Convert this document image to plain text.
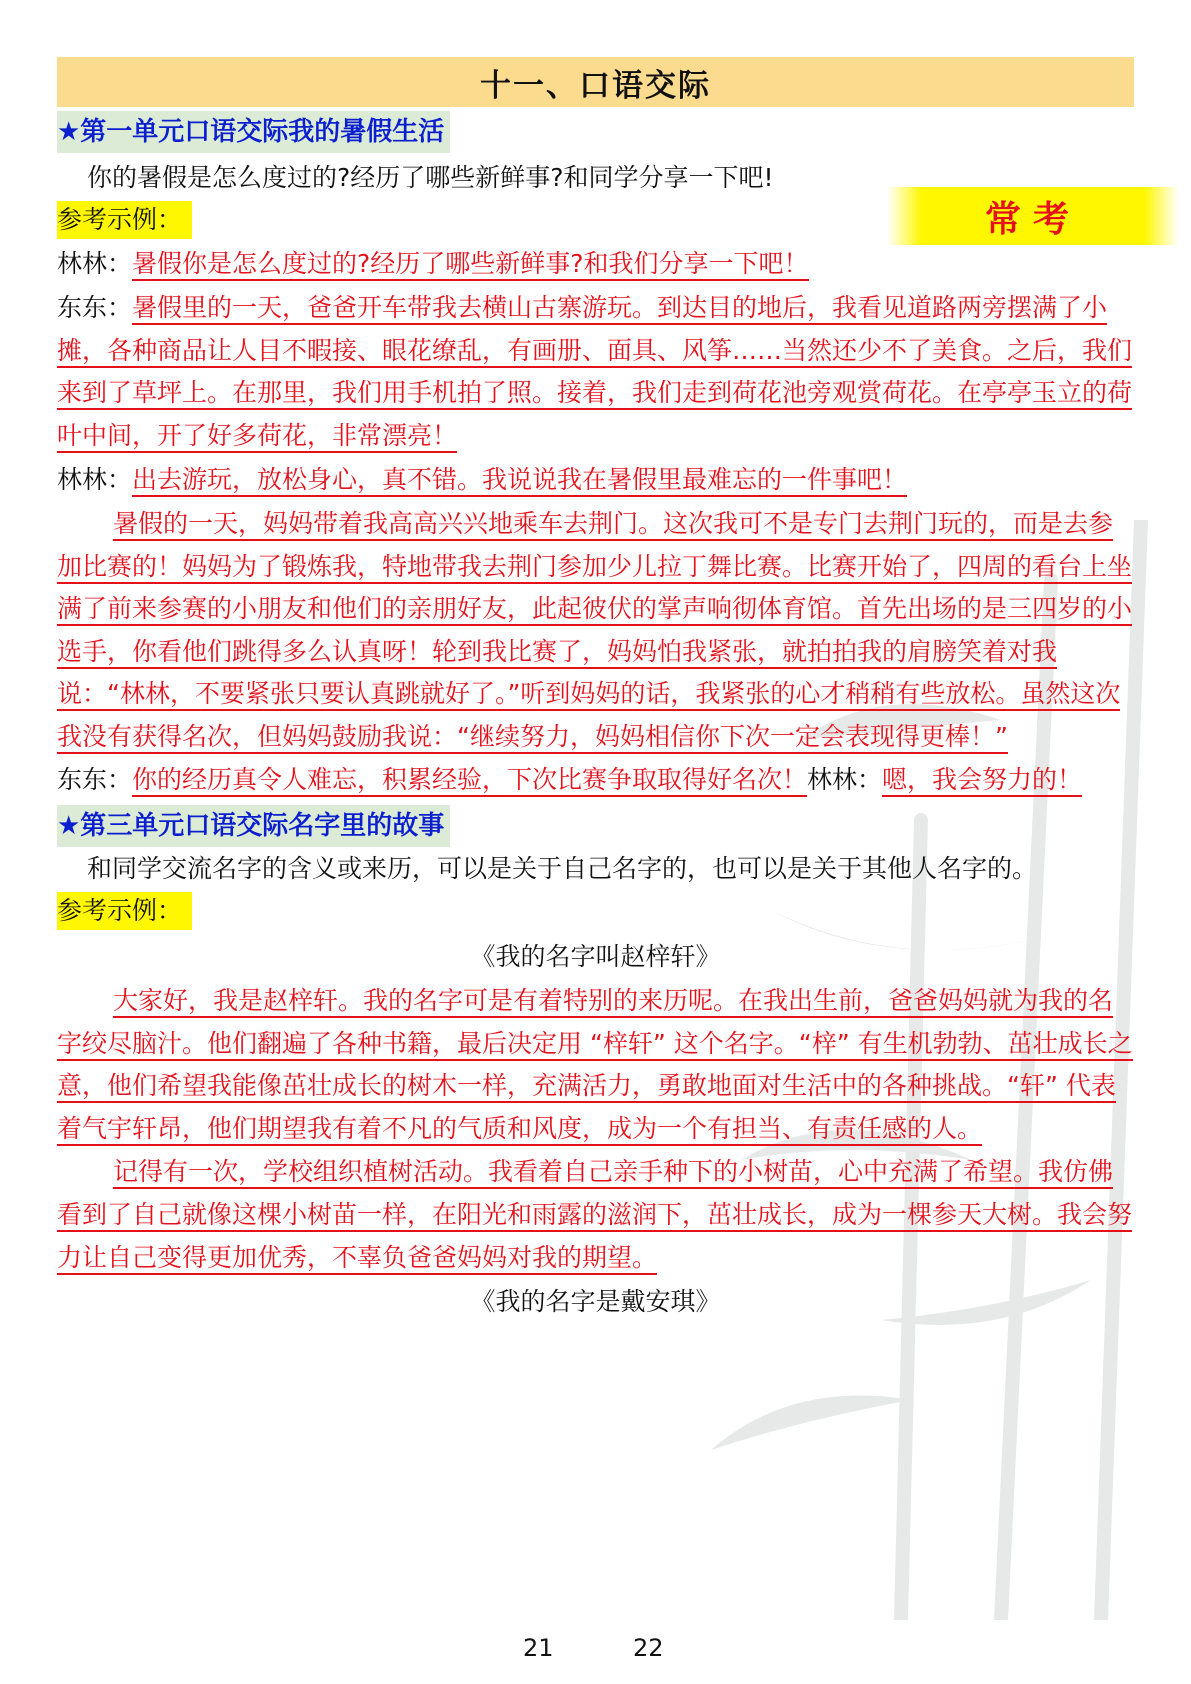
常考
十一、口语交际
★第一单元口语交际我的暑假生活

你的暑假是怎么度过的?经历了哪些新鲜事?和同学分享一下吧!

参考示例：

林林：暑假你是怎么度过的?经历了哪些新鲜事?和我们分享一下吧！

东东：暑假里的一天，爸爸开车带我去横山古寨游玩。到达目的地后，我看见道路两旁摆满了小摊，各种商品让人目不暇接、眼花缭乱，有画册、面具、风筝……当然还少不了美食。之后，我们来到了草坪上。在那里，我们用手机拍了照。接着，我们走到荷花池旁观赏荷花。在亭亭玉立的荷叶中间，开了好多荷花，非常漂亮！

林林：出去游玩，放松身心，真不错。我说说我在暑假里最难忘的一件事吧！

暑假的一天，妈妈带着我高高兴兴地乘车去荆门。这次我可不是专门去荆门玩的，而是去参加比赛的！妈妈为了锻炼我，特地带我去荆门参加少儿拉丁舞比赛。比赛开始了，四周的看台上坐满了前来参赛的小朋友和他们的亲朋好友，此起彼伏的掌声响彻体育馆。首先出场的是三四岁的小选手，你看他们跳得多么认真呀！轮到我比赛了，妈妈怕我紧张，就拍拍我的肩膀笑着对我说：“林林，不要紧张只要认真跳就好了。”听到妈妈的话，我紧张的心才稍稍有些放松。虽然这次我没有获得名次，但妈妈鼓励我说：“继续努力，妈妈相信你下次一定会表现得更棒！”

东东：你的经历真令人难忘，积累经验，下次比赛争取取得好名次！林林：嗯，我会努力的！

★第三单元口语交际名字里的故事

和同学交流名字的含义或来历，可以是关于自己名字的，也可以是关于其他人名字的。

参考示例：

《我的名字叫赵梓轩》

大家好，我是赵梓轩。我的名字可是有着特别的来历呢。在我出生前，爸爸妈妈就为我的名字绞尽脑汁。他们翻遍了各种书籍，最后决定用 “梓轩” 这个名字。“梓” 有生机勃勃、茁壮成长之意，他们希望我能像茁壮成长的树木一样，充满活力，勇敢地面对生活中的各种挑战。“轩” 代表着气宇轩昂，他们期望我有着不凡的气质和风度，成为一个有担当、有责任感的人。

记得有一次，学校组织植树活动。我看着自己亲手种下的小树苗，心中充满了希望。我仿佛看到了自己就像这棵小树苗一样，在阳光和雨露的滋润下，茁壮成长，成为一棵参天大树。我会努力让自己变得更加优秀，不辜负爸爸妈妈对我的期望。

《我的名字是戴安琪》

21	22
